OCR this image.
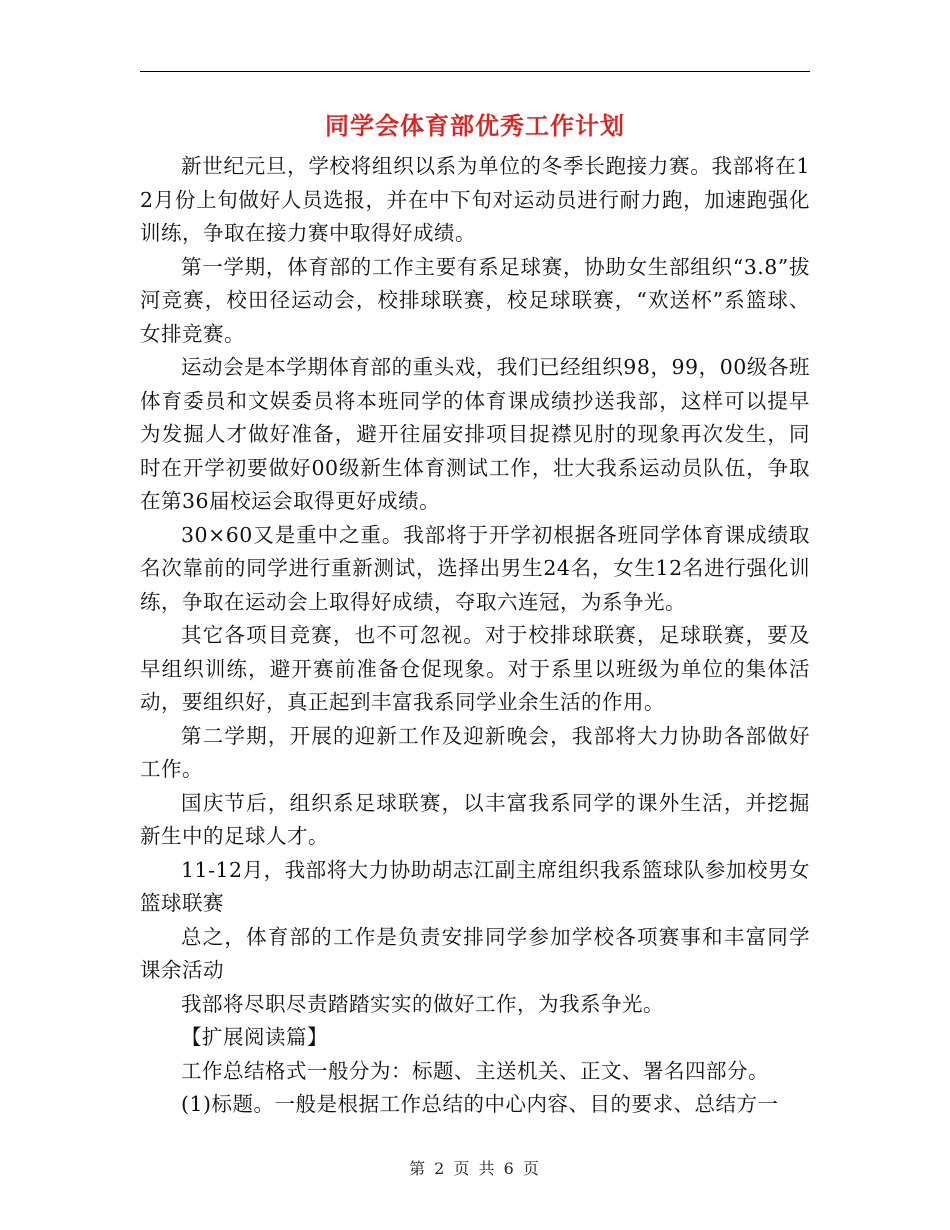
同学会体育部优秀工作计划

新世纪元旦，学校将组织以系为单位的冬季长跑接力赛。我部将在12月份上旬做好人员选报，并在中下旬对运动员进行耐力跑，加速跑强化训练，争取在接力赛中取得好成绩。

第一学期，体育部的工作主要有系足球赛，协助女生部组织“3.8”拔河竞赛，校田径运动会，校排球联赛，校足球联赛，“欢送杯”系篮球、女排竞赛。

运动会是本学期体育部的重头戏，我们已经组织98，99，00级各班体育委员和文娱委员将本班同学的体育课成绩抄送我部，这样可以提早为发掘人才做好准备，避开往届安排项目捉襟见肘的现象再次发生，同时在开学初要做好00级新生体育测试工作，壮大我系运动员队伍，争取在第36届校运会取得更好成绩。

30×60又是重中之重。我部将于开学初根据各班同学体育课成绩取名次靠前的同学进行重新测试，选择出男生24名，女生12名进行强化训练，争取在运动会上取得好成绩，夺取六连冠，为系争光。

其它各项目竞赛，也不可忽视。对于校排球联赛，足球联赛，要及早组织训练，避开赛前准备仓促现象。对于系里以班级为单位的集体活动，要组织好，真正起到丰富我系同学业余生活的作用。

第二学期，开展的迎新工作及迎新晚会，我部将大力协助各部做好工作。

国庆节后，组织系足球联赛，以丰富我系同学的课外生活，并挖掘新生中的足球人才。

11-12月，我部将大力协助胡志江副主席组织我系篮球队参加校男女篮球联赛

总之，体育部的工作是负责安排同学参加学校各项赛事和丰富同学课余活动

我部将尽职尽责踏踏实实的做好工作，为我系争光。

【扩展阅读篇】

工作总结格式一般分为：标题、主送机关、正文、署名四部分。

(1)标题。一般是根据工作总结的中心内容、目的要求、总结方一

第 2 页 共 6 页
